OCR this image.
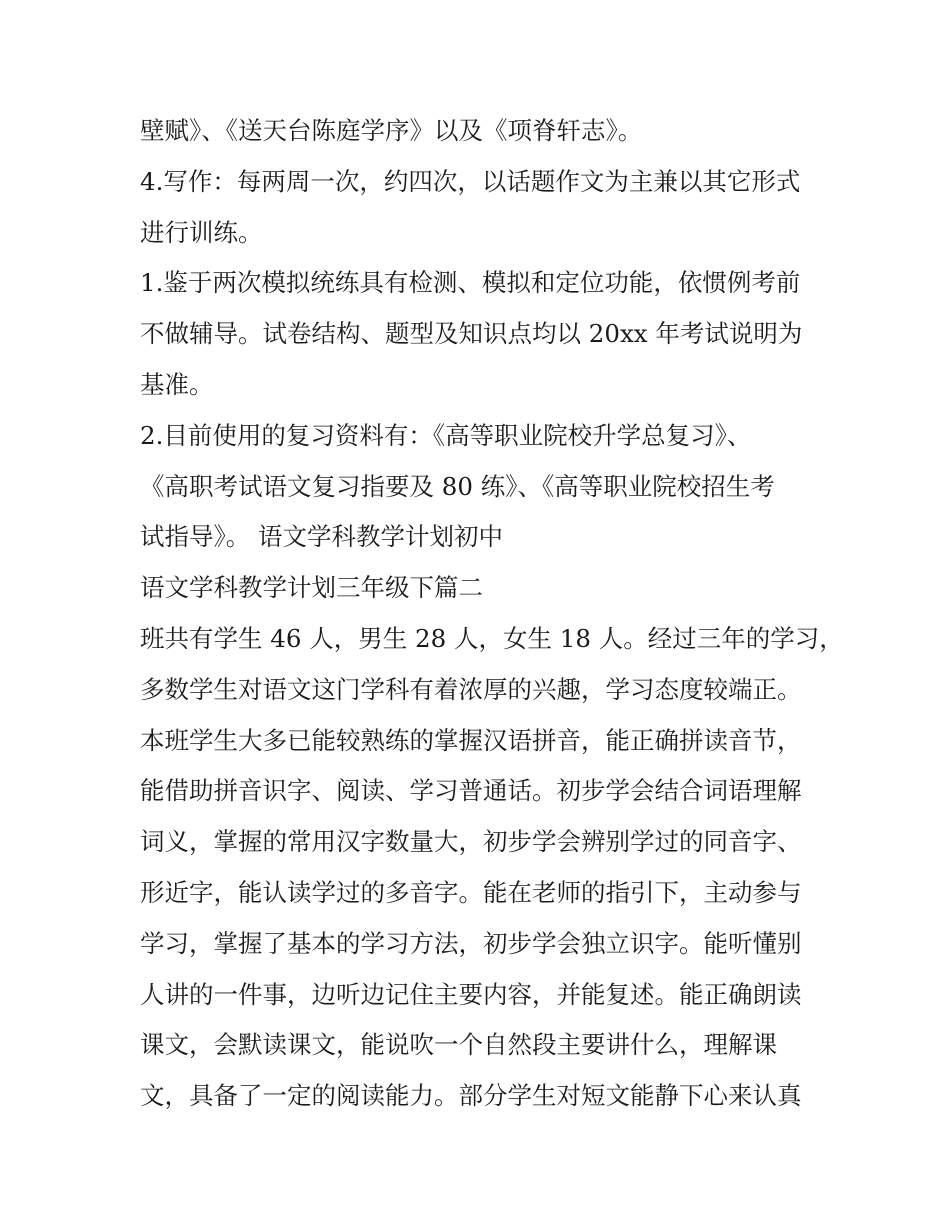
壁赋》、《送天台陈庭学序》以及《项脊轩志》。
4.写作：每两周一次，约四次，以话题作文为主兼以其它形式
进行训练。
1.鉴于两次模拟统练具有检测、模拟和定位功能，依惯例考前
不做辅导。试卷结构、题型及知识点均以 20xx 年考试说明为
基准。
2.目前使用的复习资料有：《高等职业院校升学总复习》、
《高职考试语文复习指要及 80 练》、《高等职业院校招生考
试指导》。 语文学科教学计划初中
语文学科教学计划三年级下篇二
班共有学生 46 人，男生 28 人，女生 18 人。经过三年的学习，
多数学生对语文这门学科有着浓厚的兴趣，学习态度较端正。
本班学生大多已能较熟练的掌握汉语拼音，能正确拼读音节，
能借助拼音识字、阅读、学习普通话。初步学会结合词语理解
词义，掌握的常用汉字数量大，初步学会辨别学过的同音字、
形近字，能认读学过的多音字。能在老师的指引下，主动参与
学习，掌握了基本的学习方法，初步学会独立识字。能听懂别
人讲的一件事，边听边记住主要内容，并能复述。能正确朗读
课文，会默读课文，能说吹一个自然段主要讲什么，理解课
文，具备了一定的阅读能力。部分学生对短文能静下心来认真
